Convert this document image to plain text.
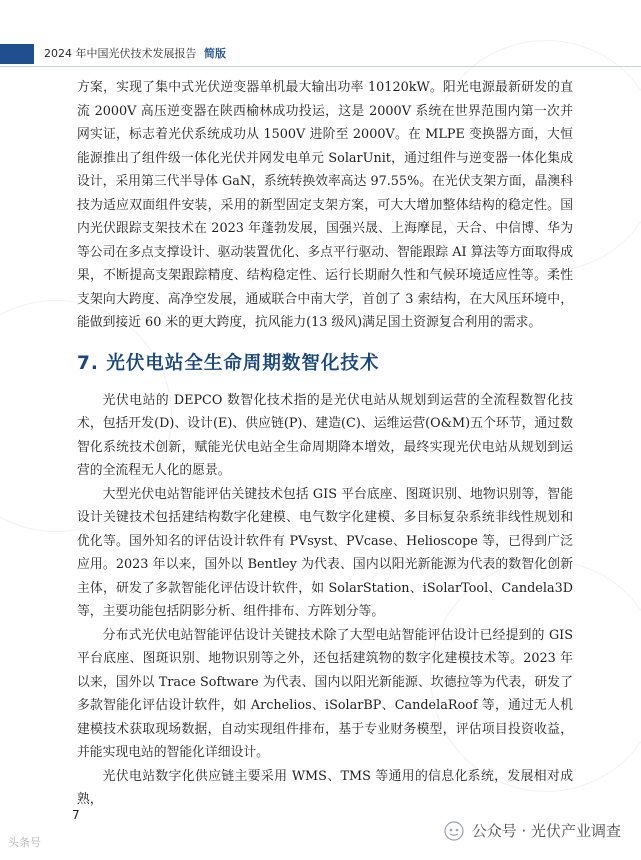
2024 年中国光伏技术发展报告 简版

方案，实现了集中式光伏逆变器单机最大输出功率 10120kW。阳光电源最新研发的直流 2000V 高压逆变器在陕西榆林成功投运，这是 2000V 系统在世界范围内第一次并网实证，标志着光伏系统成功从 1500V 进阶至 2000V。在 MLPE 变换器方面，大恒能源推出了组件级一体化光伏并网发电单元 SolarUnit，通过组件与逆变器一体化集成设计，采用第三代半导体 GaN，系统转换效率高达 97.55%。在光伏支架方面，晶澳科技为适应双面组件安装，采用的新型固定支架方案，可大大增加整体结构的稳定性。国内光伏跟踪支架技术在 2023 年蓬勃发展，国强兴晟、上海摩昆，天合、中信博、华为等公司在多点支撑设计、驱动装置优化、多点平行驱动、智能跟踪 AI 算法等方面取得成果，不断提高支架跟踪精度、结构稳定性、运行长期耐久性和气候环境适应性等。柔性支架向大跨度、高净空发展，通威联合中南大学，首创了 3 索结构，在大风压环境中，能做到接近 60 米的更大跨度，抗风能力(13 级风)满足国土资源复合利用的需求。

7. 光伏电站全生命周期数智化技术

光伏电站的 DEPCO 数智化技术指的是光伏电站从规划到运营的全流程数智化技术，包括开发(D)、设计(E)、供应链(P)、建造(C)、运维运营(O&M)五个环节，通过数智化系统技术创新，赋能光伏电站全生命周期降本增效，最终实现光伏电站从规划到运营的全流程无人化的愿景。

大型光伏电站智能评估关键技术包括 GIS 平台底座、图斑识别、地物识别等，智能设计关键技术包括建结构数字化建模、电气数字化建模、多目标复杂系统非线性规划和优化等。国外知名的评估设计软件有 PVsyst、PVcase、Helioscope 等，已得到广泛应用。2023 年以来，国外以 Bentley 为代表、国内以阳光新能源为代表的数智化创新主体，研发了多款智能化评估设计软件，如 SolarStation、iSolarTool、Candela3D 等，主要功能包括阴影分析、组件排布、方阵划分等。

分布式光伏电站智能评估设计关键技术除了大型电站智能评估设计已经提到的 GIS 平台底座、图斑识别、地物识别等之外，还包括建筑物的数字化建模技术等。2023 年以来，国外以 Trace Software 为代表、国内以阳光新能源、坎德拉等为代表，研发了多款智能化评估设计软件，如 Archelios、iSolarBP、CandelaRoof 等，通过无人机建模技术获取现场数据，自动实现组件排布，基于专业财务模型，评估项目投资收益，并能实现电站的智能化详细设计。

光伏电站数字化供应链主要采用 WMS、TMS 等通用的信息化系统，发展相对成熟，

7
头条号
公众号 · 光伏产业调查
